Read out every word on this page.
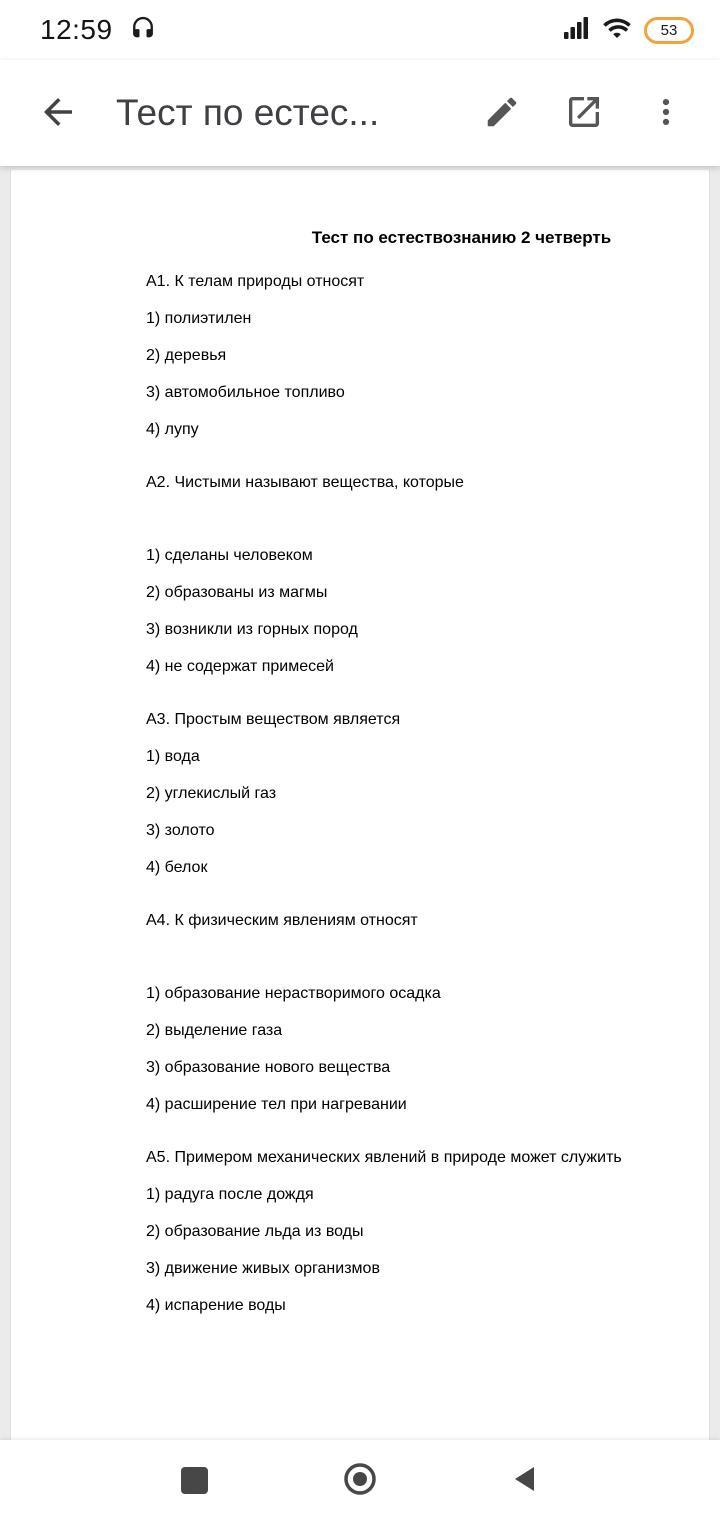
12:59	53
Тест по естес...
Тест по естествознанию 2 четверть

А1. К телам природы относят

1) полиэтилен

2) деревья

3) автомобильное топливо

4) лупу

А2. Чистыми называют вещества, которые

1) сделаны человеком

2) образованы из магмы

3) возникли из горных пород

4) не содержат примесей

А3. Простым веществом является

1) вода

2) углекислый газ

3) золото

4) белок

А4. К физическим явлениям относят

1) образование нерастворимого осадка

2) выделение газа

3) образование нового вещества

4) расширение тел при нагревании

А5. Примером механических явлений в природе может служить

1) радуга после дождя

2) образование льда из воды

3) движение живых организмов

4) испарение воды
